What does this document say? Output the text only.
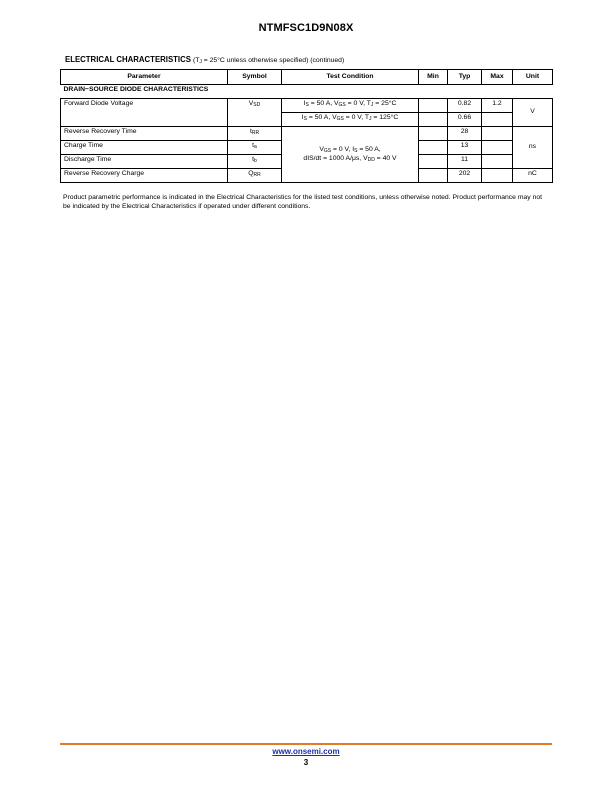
NTMFSC1D9N08X
ELECTRICAL CHARACTERISTICS ($T_J = 25^\circ C$ unless otherwise specified) (continued)
Parameter	Symbol	Test Condition	Min	Typ	Max	Unit
DRAIN−SOURCE DIODE CHARACTERISTICS						
Forward Diode Voltage	$V_{SD}$	$I_S = 50$ A, $V_{GS} = 0$ V, $T_J = 25^\circ C$		0.82	1.2	V
		$I_S = 50$ A, $V_{GS} = 0$ V, $T_J = 125^\circ C$		0.66		
Reverse Recovery Time	$t_{RR}$	$V_{GS} = 0$ V, $I_S = 50$ A,
dIS/dt = 1000 A/μs, $V_{DD} = 40$ V		28		ns
Charge Time	$t_a$			13		
Discharge Time	$t_b$			11		
Reverse Recovery Charge	$Q_{RR}$			202		nC
Product parametric performance is indicated in the Electrical Characteristics for the listed test conditions, unless otherwise noted. Product performance may not be indicated by the Electrical Characteristics if operated under different conditions.
www.onsemi.com
3
